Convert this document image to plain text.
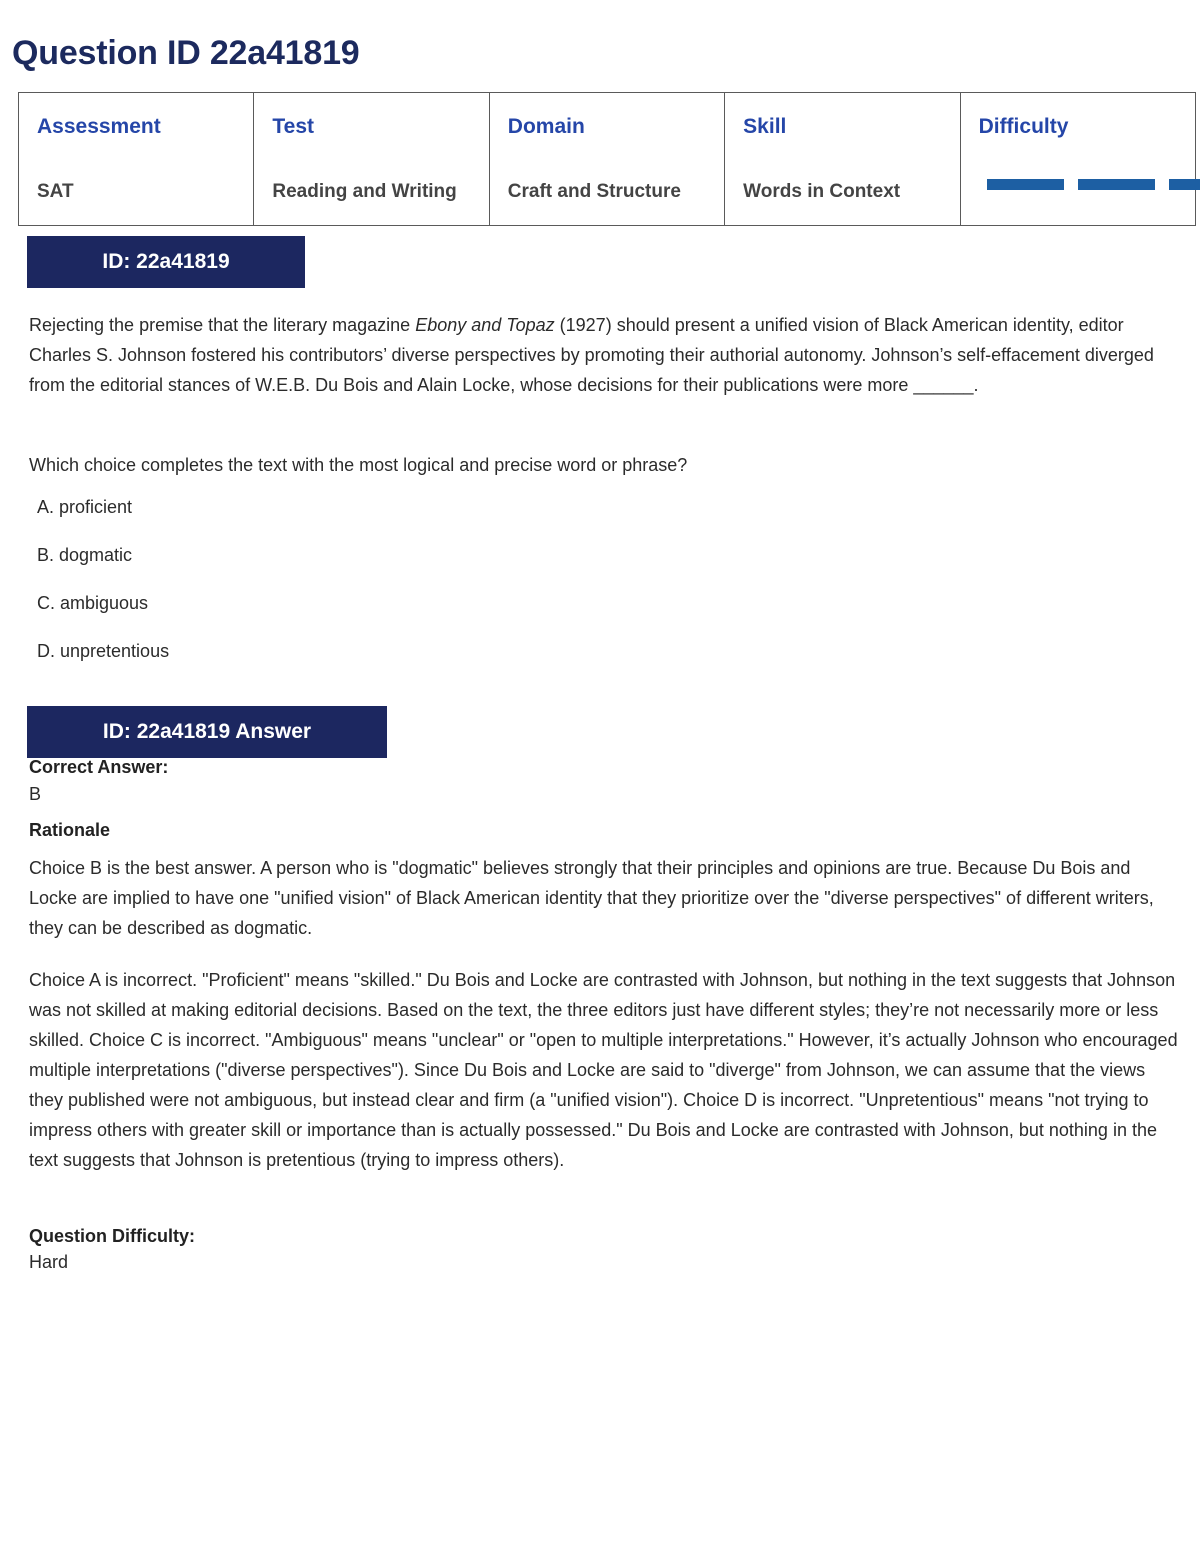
Question ID 22a41819
Assessment
SAT

Test
Reading and Writing

Domain
Craft and Structure

Skill
Words in Context

Difficulty
ID: 22a41819
Rejecting the premise that the literary magazine Ebony and Topaz (1927) should present a unified vision of Black American identity, editor Charles S. Johnson fostered his contributors’ diverse perspectives by promoting their authorial autonomy. Johnson’s self-effacement diverged from the editorial stances of W.E.B. Du Bois and Alain Locke, whose decisions for their publications were more ______.
Which choice completes the text with the most logical and precise word or phrase?
A. proficient
B. dogmatic
C. ambiguous
D. unpretentious
ID: 22a41819 Answer
Correct Answer:
B
Rationale
Choice B is the best answer. A person who is "dogmatic" believes strongly that their principles and opinions are true. Because Du Bois and Locke are implied to have one "unified vision" of Black American identity that they prioritize over the "diverse perspectives" of different writers, they can be described as dogmatic.
Choice A is incorrect. "Proficient" means "skilled." Du Bois and Locke are contrasted with Johnson, but nothing in the text suggests that Johnson was not skilled at making editorial decisions. Based on the text, the three editors just have different styles; they’re not necessarily more or less skilled. Choice C is incorrect. "Ambiguous" means "unclear" or "open to multiple interpretations." However, it’s actually Johnson who encouraged multiple interpretations ("diverse perspectives"). Since Du Bois and Locke are said to "diverge" from Johnson, we can assume that the views they published were not ambiguous, but instead clear and firm (a "unified vision"). Choice D is incorrect. "Unpretentious" means "not trying to impress others with greater skill or importance than is actually possessed." Du Bois and Locke are contrasted with Johnson, but nothing in the text suggests that Johnson is pretentious (trying to impress others).
Question Difficulty:
Hard
